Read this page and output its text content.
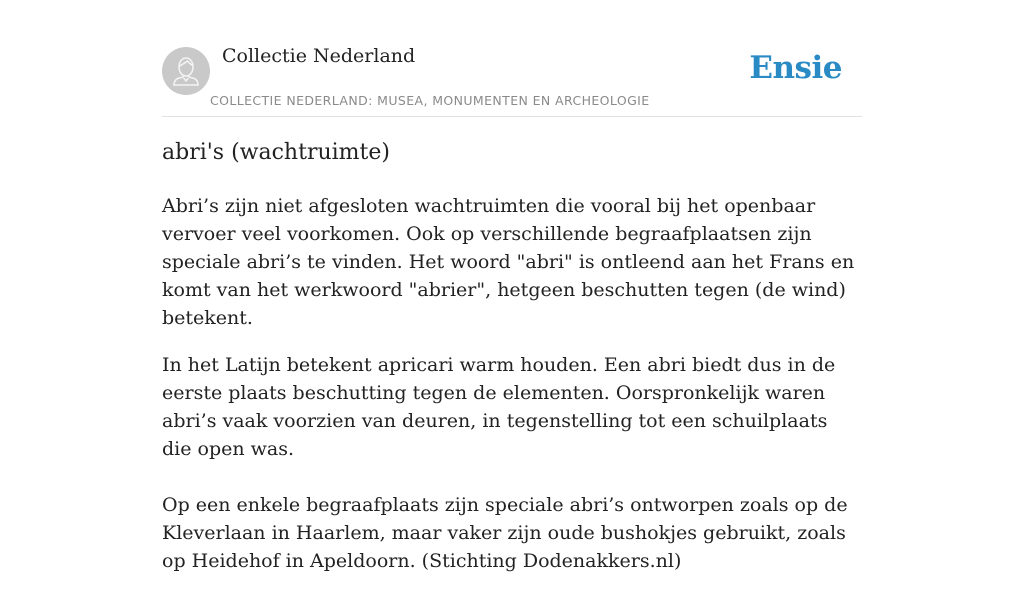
Collectie Nederland
COLLECTIE NEDERLAND: MUSEA, MONUMENTEN EN ARCHEOLOGIE
Ensie
abri's (wachtruimte)

Abri’s zijn niet afgesloten wachtruimten die vooral bij het openbaar vervoer veel voorkomen. Ook op verschillende begraafplaatsen zijn speciale abri’s te vinden. Het woord "abri" is ontleend aan het Frans en komt van het werkwoord "abrier", hetgeen beschutten tegen (de wind) betekent.

In het Latijn betekent apricari warm houden. Een abri biedt dus in de eerste plaats beschutting tegen de elementen. Oorspronkelijk waren abri’s vaak voorzien van deuren, in tegenstelling tot een schuilplaats die open was.

Op een enkele begraafplaats zijn speciale abri’s ontworpen zoals op de Kleverlaan in Haarlem, maar vaker zijn oude bushokjes gebruikt, zoals op Heidehof in Apeldoorn. (Stichting Dodenakkers.nl)
